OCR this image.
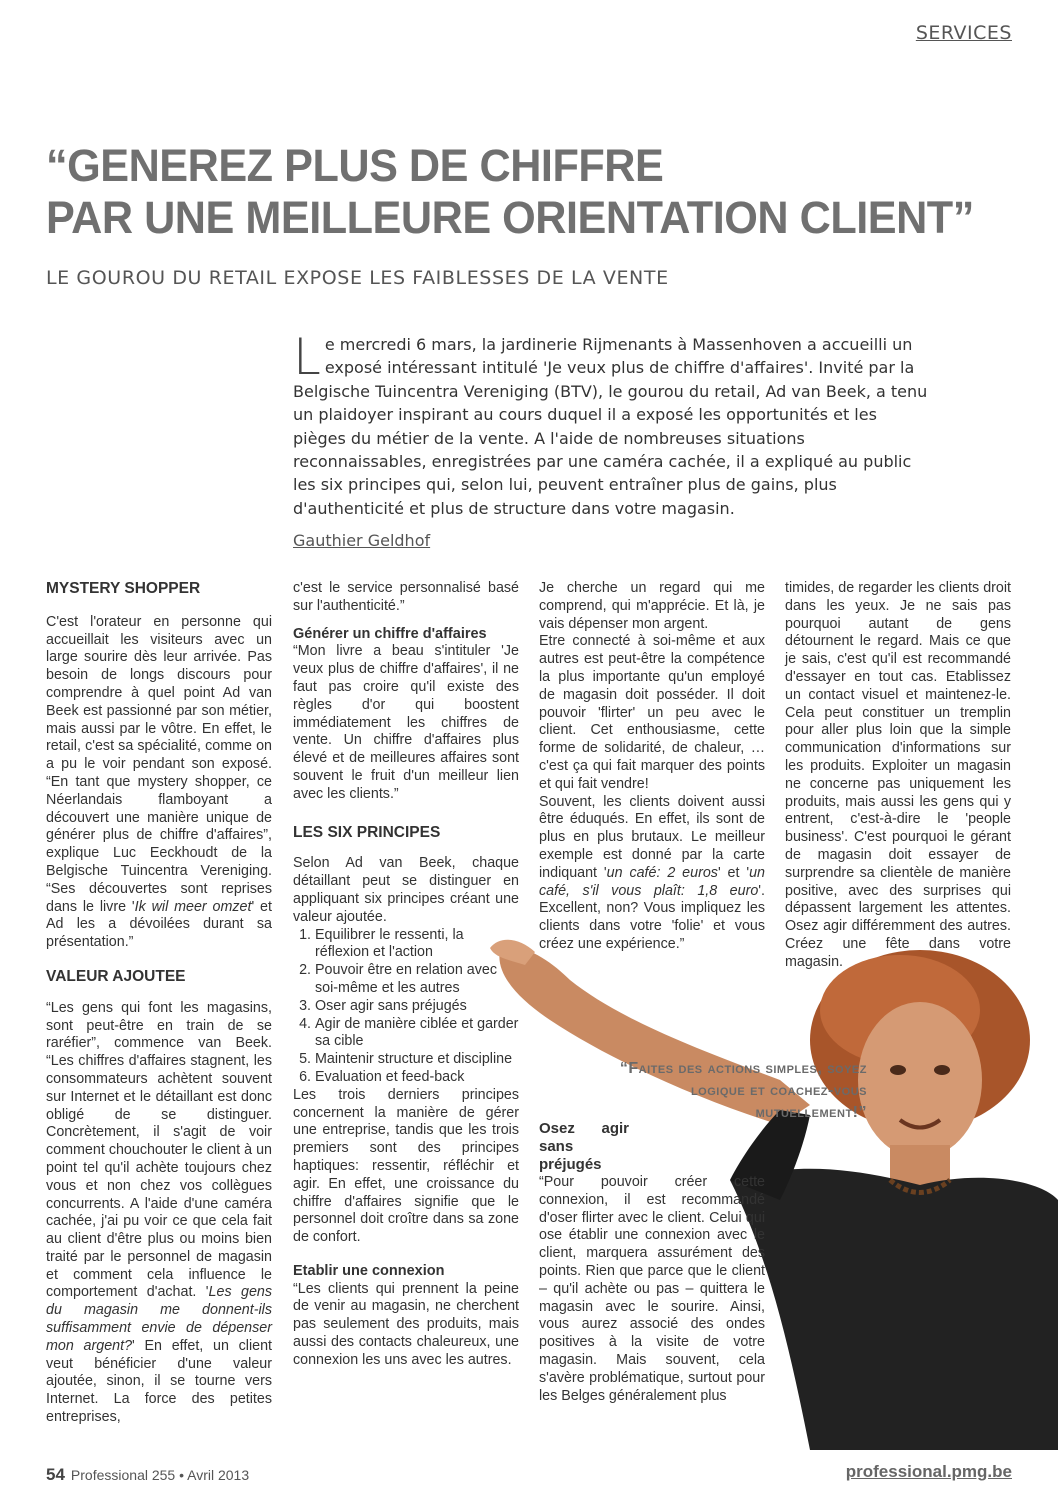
SERVICES
“GENEREZ PLUS DE CHIFFRE
PAR UNE MEILLEURE ORIENTATION CLIENT”
LE GOUROU DU RETAIL EXPOSE LES FAIBLESSES DE LA VENTE

Le mercredi 6 mars, la jardinerie Rijmenants à Massenhoven a accueilli un exposé intéressant intitulé 'Je veux plus de chiffre d'affaires'. Invité par la Belgische Tuincentra Vereniging (BTV), le gourou du retail, Ad van Beek, a tenu un plaidoyer inspirant au cours duquel il a exposé les opportunités et les pièges du métier de la vente. A l'aide de nombreuses situations reconnaissables, enregistrées par une caméra cachée, il a expliqué au public les six principes qui, selon lui, peuvent entraîner plus de gains, plus d'authenticité et plus de structure dans votre magasin.

Gauthier Geldhof
MYSTERY SHOPPER

C'est l'orateur en personne qui accueillait les visiteurs avec un large sourire dès leur arrivée. Pas besoin de longs discours pour comprendre à quel point Ad van Beek est passionné par son métier, mais aussi par le vôtre. En effet, le retail, c'est sa spécialité, comme on a pu le voir pendant son exposé. “En tant que mystery shopper, ce Néerlandais flamboyant a découvert une manière unique de générer plus de chiffre d'affaires”, explique Luc Eeckhoudt de la Belgische Tuincentra Vereniging. “Ses découvertes sont reprises dans le livre 'Ik wil meer omzet' et Ad les a dévoilées durant sa présentation.”

VALEUR AJOUTEE

“Les gens qui font les magasins, sont peut-être en train de se raréfier”, commence van Beek. “Les chiffres d'affaires stagnent, les consommateurs achètent souvent sur Internet et le détaillant est donc obligé de se distinguer. Concrètement, il s'agit de voir comment chouchouter le client à un point tel qu'il achète toujours chez vous et non chez vos collègues concurrents. A l'aide d'une caméra cachée, j'ai pu voir ce que cela fait au client d'être plus ou moins bien traité par le personnel de magasin et comment cela influence le comportement d'achat. 'Les gens du magasin me donnent-ils suffisamment envie de dépenser mon argent?' En effet, un client veut bénéficier d'une valeur ajoutée, sinon, il se tourne vers Internet. La force des petites entreprises,

c'est le service personnalisé basé sur l'authenticité.”

Générer un chiffre d'affaires

“Mon livre a beau s'intituler 'Je veux plus de chiffre d'affaires', il ne faut pas croire qu'il existe des règles d'or qui boostent immédiatement les chiffres de vente. Un chiffre d'affaires plus élevé et de meilleures affaires sont souvent le fruit d'un meilleur lien avec les clients.”

LES SIX PRINCIPES

Selon Ad van Beek, chaque détaillant peut se distinguer en appliquant six principes créant une valeur ajoutée.

1. Equilibrer le ressenti, la réflexion et l'action
2. Pouvoir être en relation avec soi-même et les autres
3. Oser agir sans préjugés
4. Agir de manière ciblée et garder sa cible
5. Maintenir structure et discipline
6. Evaluation et feed-back

Les trois derniers principes concernent la manière de gérer une entreprise, tandis que les trois premiers sont des principes haptiques: ressentir, réfléchir et agir. En effet, une croissance du chiffre d'affaires signifie que le personnel doit croître dans sa zone de confort.

Etablir une connexion

“Les clients qui prennent la peine de venir au magasin, ne cherchent pas seulement des produits, mais aussi des contacts chaleureux, une connexion les uns avec les autres.

Je cherche un regard qui me comprend, qui m'apprécie. Et là, je vais dépenser mon argent.

Etre connecté à soi-même et aux autres est peut-être la compétence la plus importante qu'un employé de magasin doit posséder. Il doit pouvoir 'flirter' un peu avec le client. Cet enthousiasme, cette forme de solidarité, de chaleur, … c'est ça qui fait marquer des points et qui fait vendre!

Souvent, les clients doivent aussi être éduqués. En effet, ils sont de plus en plus brutaux. Le meilleur exemple est donné par la carte indiquant 'un café: 2 euros' et 'un café, s'il vous plaît: 1,8 euro'. Excellent, non? Vous impliquez les clients dans votre 'folie' et vous créez une expérience.”

“Faites des actions simples, soyez logique et coachez-vous mutuellement!”
Osez agir sans préjugés

“Pour pouvoir créer cette connexion, il est recommandé d'oser flirter avec le client. Celui qui ose établir une connexion avec le client, marquera assurément des points. Rien que parce que le client – qu'il achète ou pas – quittera le magasin avec le sourire. Ainsi, vous aurez associé des ondes positives à la visite de votre magasin. Mais souvent, cela s'avère problématique, surtout pour les Belges généralement plus

timides, de regarder les clients droit dans les yeux. Je ne sais pas pourquoi autant de gens détournent le regard. Mais ce que je sais, c'est qu'il est recommandé d'essayer en tout cas. Etablissez un contact visuel et maintenez-le. Cela peut constituer un tremplin pour aller plus loin que la simple communication d'informations sur les produits. Exploiter un magasin ne concerne pas uniquement les produits, mais aussi les gens qui y entrent, c'est-à-dire le 'people business'. C'est pourquoi le gérant de magasin doit essayer de surprendre sa clientèle de manière positive, avec des surprises qui dépassent largement les attentes. Osez agir différemment des autres. Créez une fête dans votre magasin.

54 Professional 255 • Avril 2013	professional.pmg.be
